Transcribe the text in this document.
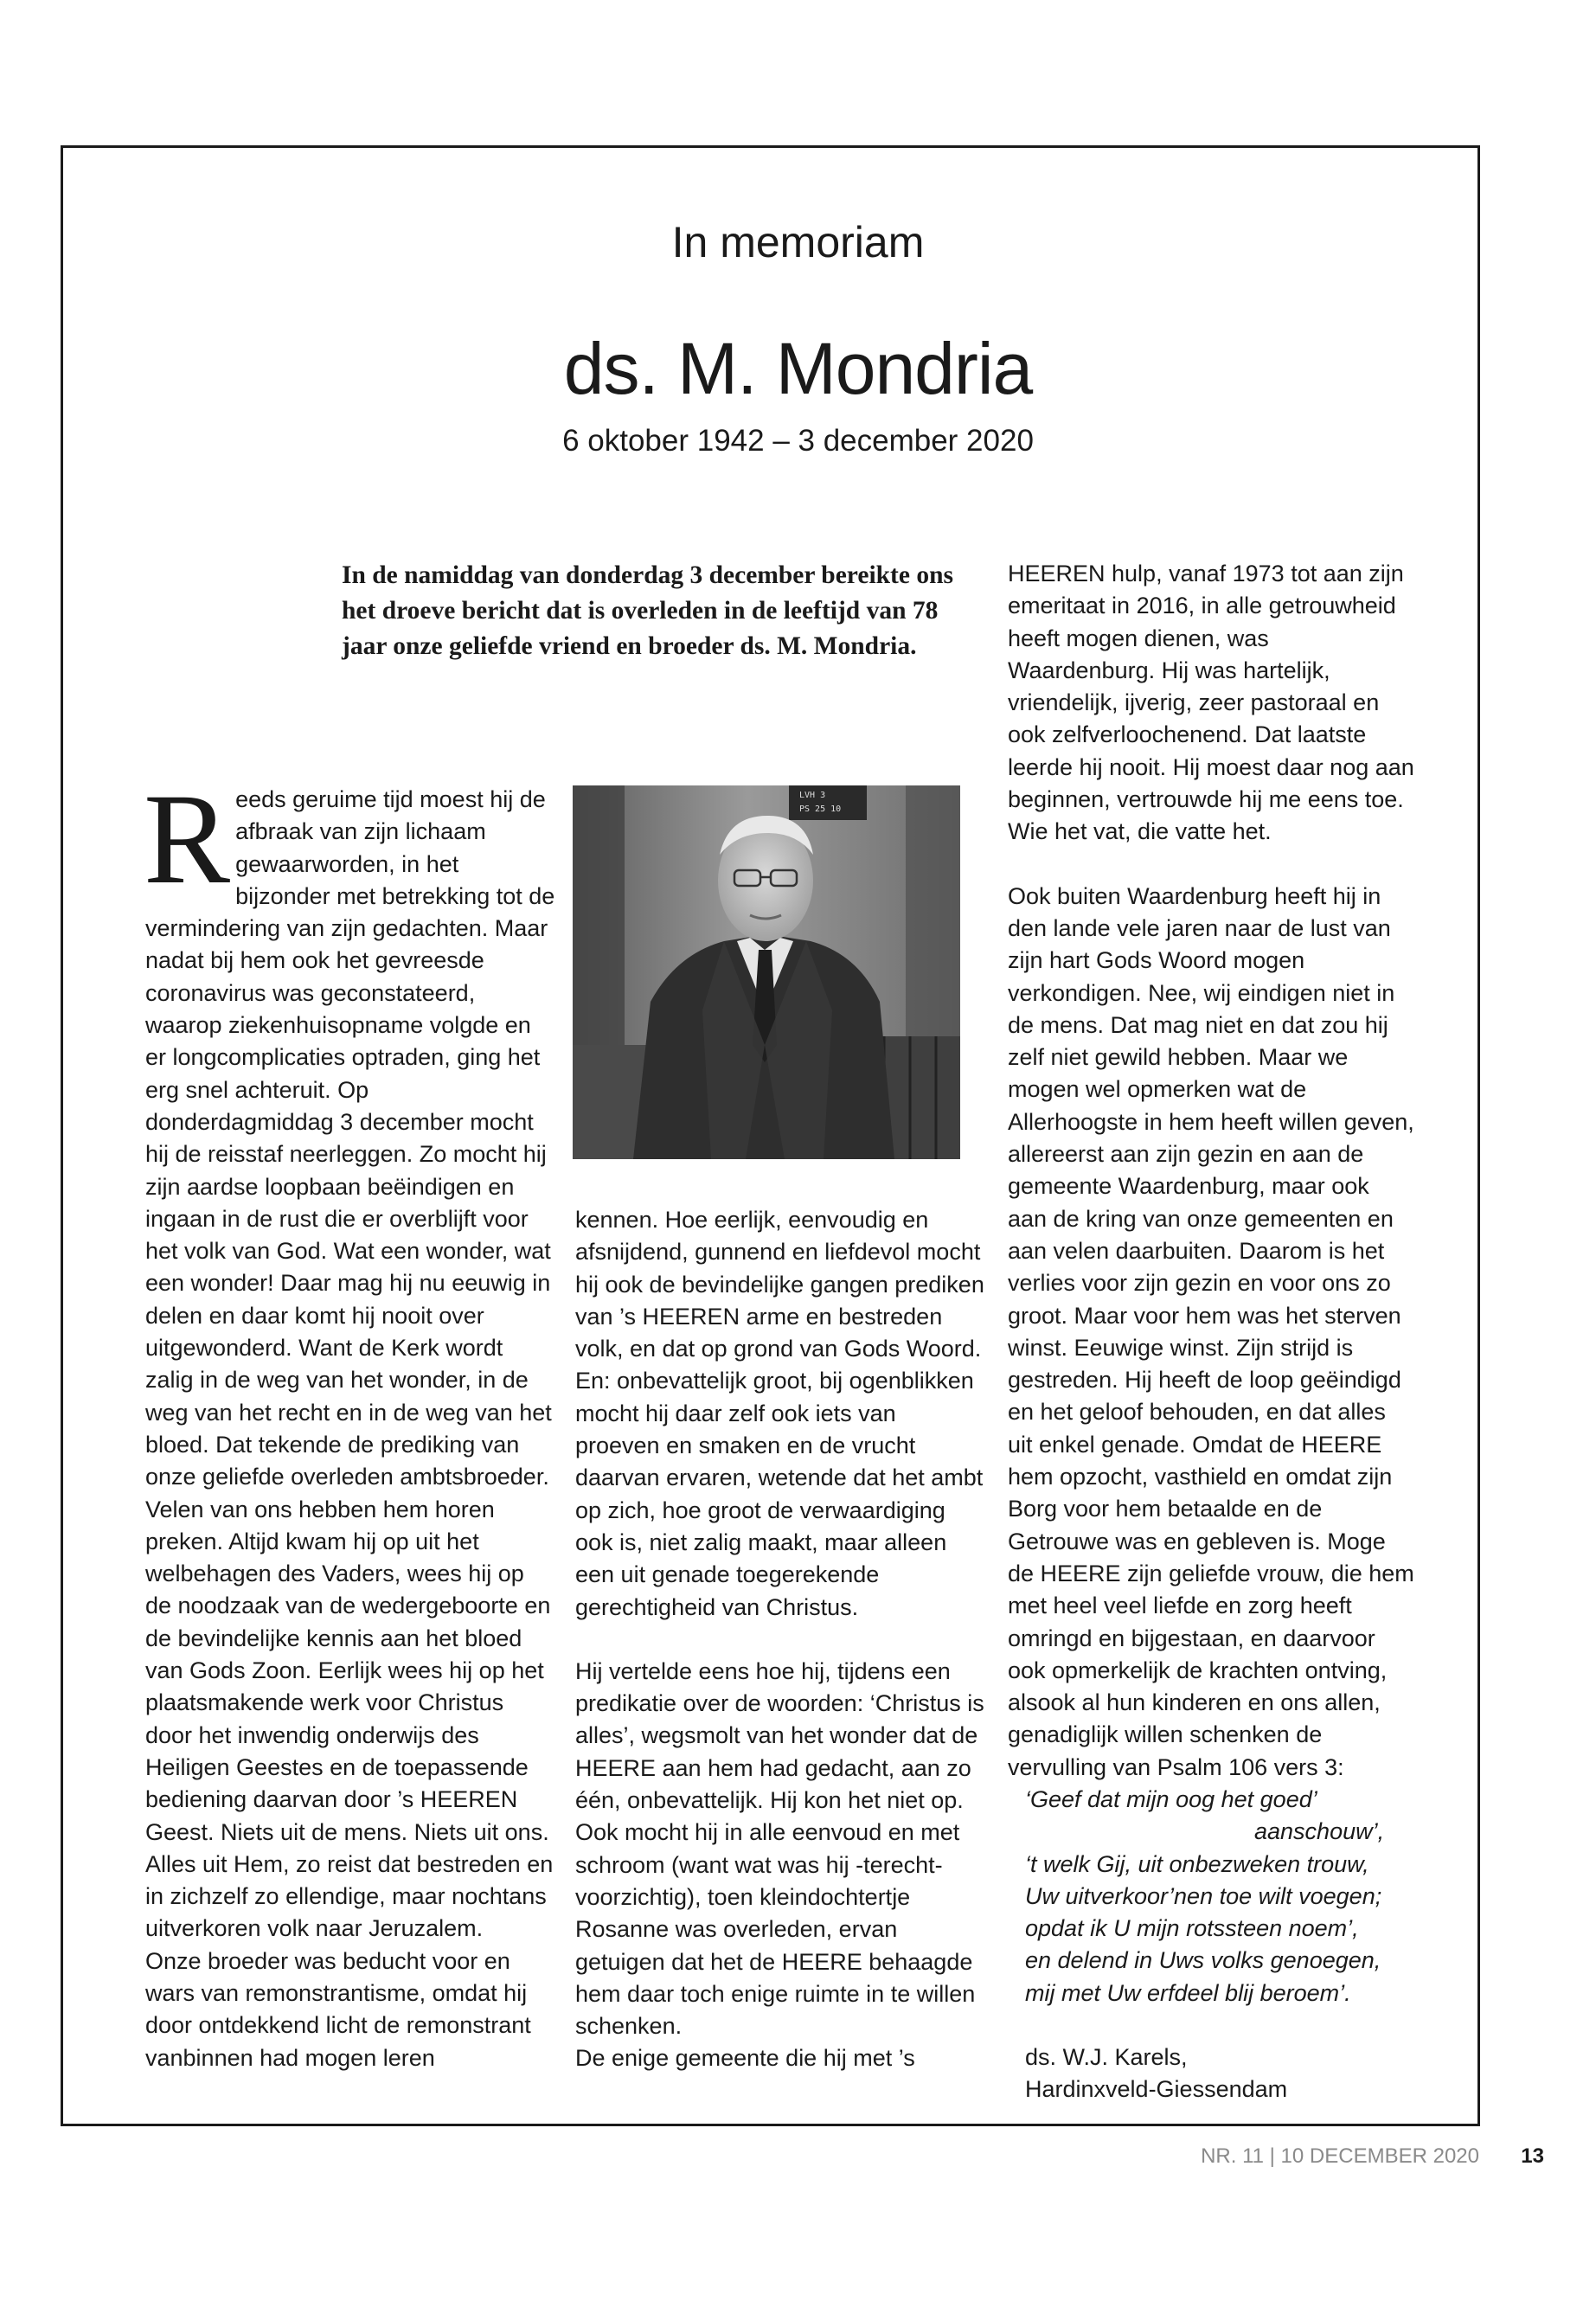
In memoriam
ds. M. Mondria
6 oktober 1942 – 3 december 2020

In de namiddag van donderdag 3 december bereikte ons het droeve bericht dat is overleden in de leeftijd van 78 jaar onze geliefde vriend en broeder ds. M. Mondria.

Reeds geruime tijd moest hij de afbraak van zijn lichaam gewaarworden, in het bijzonder met betrekking tot de vermindering van zijn gedachten. Maar nadat bij hem ook het gevreesde coronavirus was geconstateerd, waarop ziekenhuisopname volgde en er longcomplicaties optraden, ging het erg snel achteruit. Op donderdagmiddag 3 december mocht hij de reisstaf neerleggen. Zo mocht hij zijn aardse loopbaan beëindigen en ingaan in de rust die er overblijft voor het volk van God. Wat een wonder, wat een wonder! Daar mag hij nu eeuwig in delen en daar komt hij nooit over uitgewonderd. Want de Kerk wordt zalig in de weg van het wonder, in de weg van het recht en in de weg van het bloed. Dat tekende de prediking van onze geliefde overleden ambtsbroeder. Velen van ons hebben hem horen preken. Altijd kwam hij op uit het welbehagen des Vaders, wees hij op de noodzaak van de wedergeboorte en de bevindelijke kennis aan het bloed van Gods Zoon. Eerlijk wees hij op het plaatsmakende werk voor Christus door het inwendig onderwijs des Heiligen Geestes en de toepassende bediening daarvan door ’s HEEREN Geest. Niets uit de mens. Niets uit ons. Alles uit Hem, zo reist dat bestreden en in zichzelf zo ellendige, maar nochtans uitverkoren volk naar Jeruzalem.

Onze broeder was beducht voor en wars van remonstrantisme, omdat hij door ontdekkend licht de remonstrant vanbinnen had mogen leren
LVH 3
PS 25 10

kennen. Hoe eerlijk, eenvoudig en afsnijdend, gunnend en liefdevol mocht hij ook de bevindelijke gangen prediken van ’s HEEREN arme en bestreden volk, en dat op grond van Gods Woord. En: onbevattelijk groot, bij ogenblikken mocht hij daar zelf ook iets van proeven en smaken en de vrucht daarvan ervaren, wetende dat het ambt op zich, hoe groot de verwaardiging ook is, niet zalig maakt, maar alleen een uit genade toegerekende gerechtigheid van Christus.

Hij vertelde eens hoe hij, tijdens een predikatie over de woorden: ‘Christus is alles’, wegsmolt van het wonder dat de HEERE aan hem had gedacht, aan zo één, onbevattelijk. Hij kon het niet op. Ook mocht hij in alle eenvoud en met schroom (want wat was hij -terecht- voorzichtig), toen kleindochtertje Rosanne was overleden, ervan getuigen dat het de HEERE behaagde hem daar toch enige ruimte in te willen schenken.

De enige gemeente die hij met ’s

HEEREN hulp, vanaf 1973 tot aan zijn emeritaat in 2016, in alle getrouwheid heeft mogen dienen, was Waardenburg. Hij was hartelijk, vriendelijk, ijverig, zeer pastoraal en ook zelfverloochenend. Dat laatste leerde hij nooit. Hij moest daar nog aan beginnen, vertrouwde hij me eens toe. Wie het vat, die vatte het.

Ook buiten Waardenburg heeft hij in den lande vele jaren naar de lust van zijn hart Gods Woord mogen verkondigen. Nee, wij eindigen niet in de mens. Dat mag niet en dat zou hij zelf niet gewild hebben. Maar we mogen wel opmerken wat de Allerhoogste in hem heeft willen geven, allereerst aan zijn gezin en aan de gemeente Waardenburg, maar ook aan de kring van onze gemeenten en aan velen daarbuiten. Daarom is het verlies voor zijn gezin en voor ons zo groot. Maar voor hem was het sterven winst. Eeuwige winst. Zijn strijd is gestreden. Hij heeft de loop geëindigd en het geloof behouden, en dat alles uit enkel genade. Omdat de HEERE hem opzocht, vasthield en omdat zijn Borg voor hem betaalde en de Getrouwe was en gebleven is. Moge de HEERE zijn geliefde vrouw, die hem met heel veel liefde en zorg heeft omringd en bijgestaan, en daarvoor ook opmerkelijk de krachten ontving, alsook al hun kinderen en ons allen, genadiglijk willen schenken de vervulling van Psalm 106 vers 3:

‘Geef dat mijn oog het goed’
aanschouw’,
‘t welk Gij, uit onbezweken trouw,
Uw uitverkoor’nen toe wilt voegen;
opdat ik U mijn rotssteen noem’,
en delend in Uws volks genoegen,
mij met Uw erfdeel blij beroem’.
ds. W.J. Karels,
Hardinxveld-Giessendam
NR. 11 | 10 DECEMBER 2020	13
